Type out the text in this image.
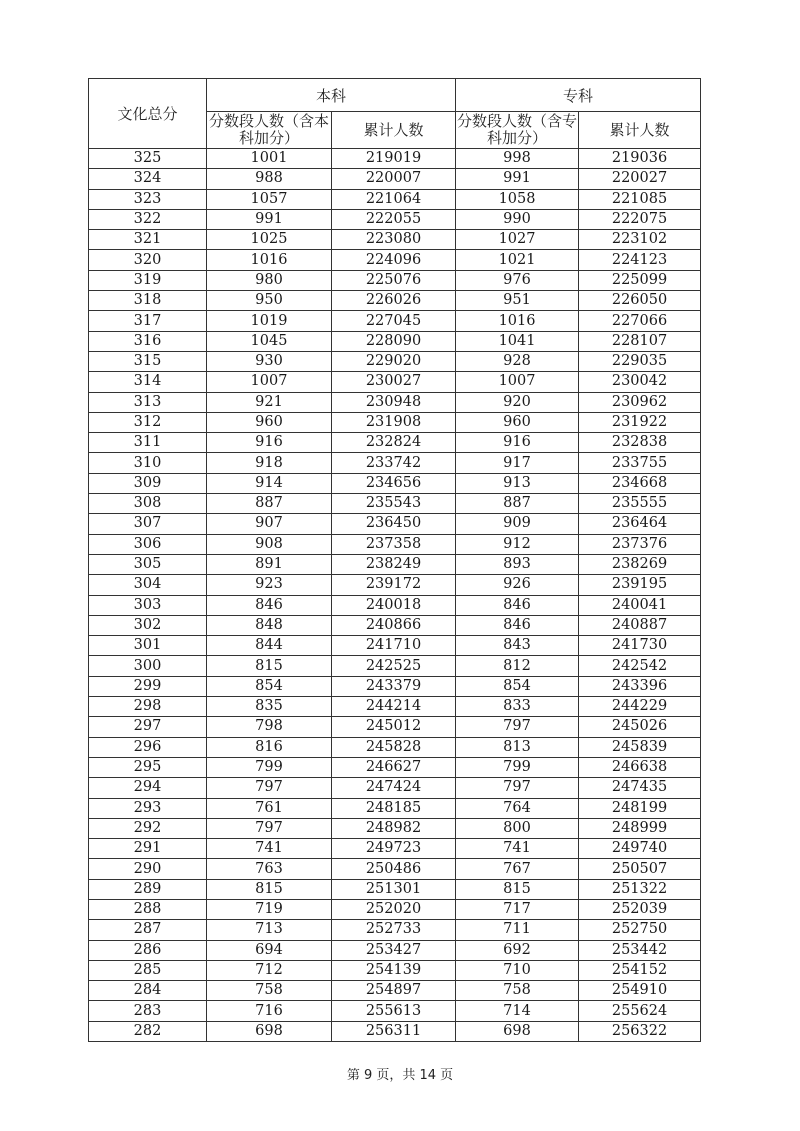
文化总分	本科		专科	
	分数段人数（含本科加分）	累计人数	分数段人数（含专科加分）	累计人数
325	1001	219019	998	219036
324	988	220007	991	220027
323	1057	221064	1058	221085
322	991	222055	990	222075
321	1025	223080	1027	223102
320	1016	224096	1021	224123
319	980	225076	976	225099
318	950	226026	951	226050
317	1019	227045	1016	227066
316	1045	228090	1041	228107
315	930	229020	928	229035
314	1007	230027	1007	230042
313	921	230948	920	230962
312	960	231908	960	231922
311	916	232824	916	232838
310	918	233742	917	233755
309	914	234656	913	234668
308	887	235543	887	235555
307	907	236450	909	236464
306	908	237358	912	237376
305	891	238249	893	238269
304	923	239172	926	239195
303	846	240018	846	240041
302	848	240866	846	240887
301	844	241710	843	241730
300	815	242525	812	242542
299	854	243379	854	243396
298	835	244214	833	244229
297	798	245012	797	245026
296	816	245828	813	245839
295	799	246627	799	246638
294	797	247424	797	247435
293	761	248185	764	248199
292	797	248982	800	248999
291	741	249723	741	249740
290	763	250486	767	250507
289	815	251301	815	251322
288	719	252020	717	252039
287	713	252733	711	252750
286	694	253427	692	253442
285	712	254139	710	254152
284	758	254897	758	254910
283	716	255613	714	255624
282	698	256311	698	256322
第 9 页，共 14 页
